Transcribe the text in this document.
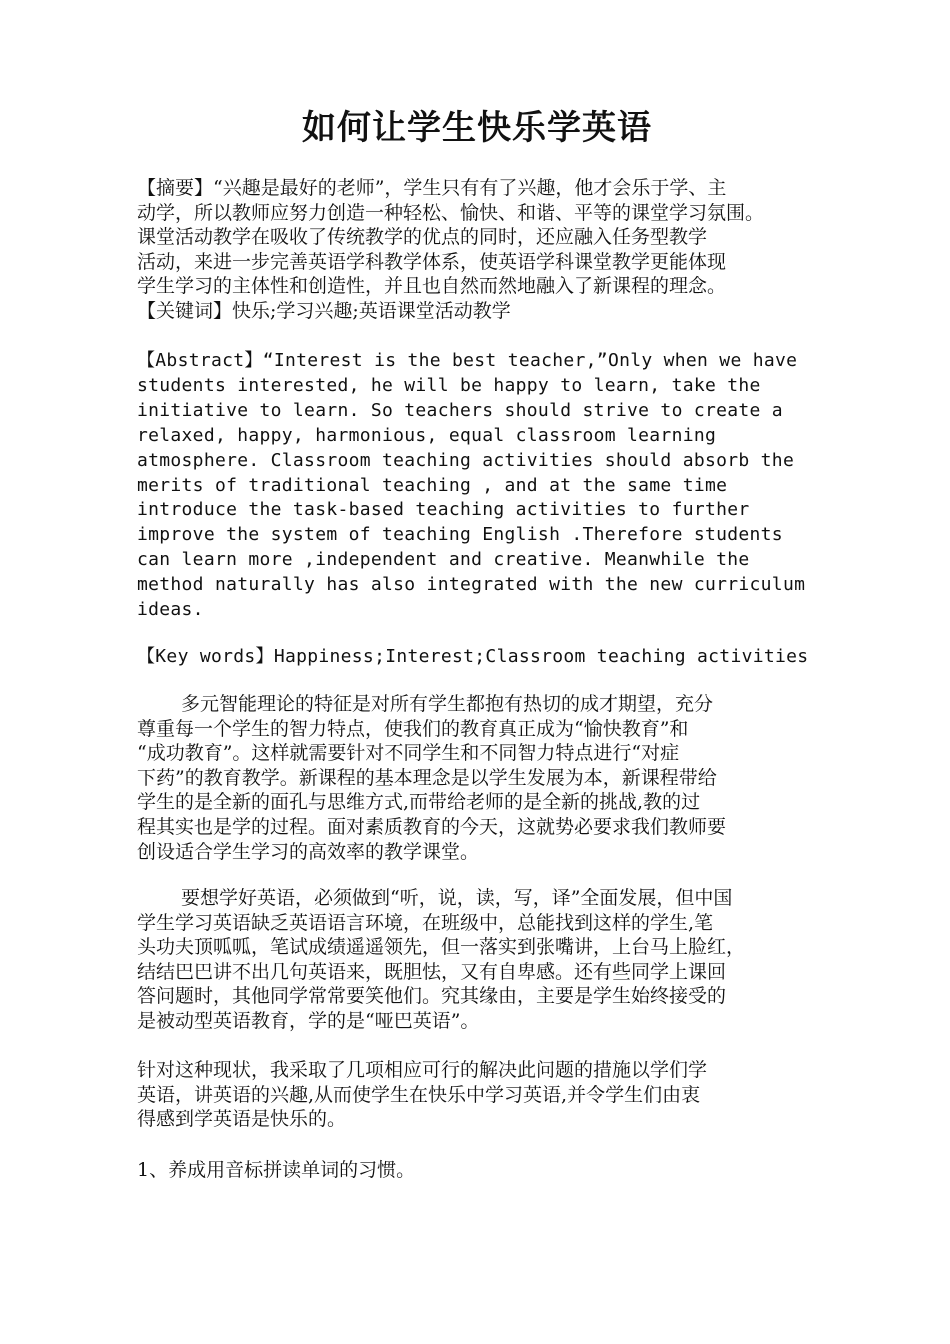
如何让学生快乐学英语
【摘要】“兴趣是最好的老师”，学生只有有了兴趣，他才会乐于学、主
动学，所以教师应努力创造一种轻松、愉快、和谐、平等的课堂学习氛围。
课堂活动教学在吸收了传统教学的优点的同时，还应融入任务型教学
活动，来进一步完善英语学科教学体系，使英语学科课堂教学更能体现
学生学习的主体性和创造性，并且也自然而然地融入了新课程的理念。
【关键词】快乐;学习兴趣;英语课堂活动教学
【Abstract】“Interest is the best teacher,”Only when we have
students interested, he will be happy to learn, take the
initiative to learn. So teachers should strive to create a
relaxed, happy, harmonious, equal classroom learning
atmosphere. Classroom teaching activities should absorb the
merits of traditional teaching , and at the same time
introduce the task-based teaching activities to further
improve the system of teaching English .Therefore students
can learn more ,independent and creative. Meanwhile the
method naturally has also integrated with the new curriculum
ideas.
【Key words】Happiness;Interest;Classroom teaching activities
多元智能理论的特征是对所有学生都抱有热切的成才期望，充分
尊重每一个学生的智力特点，使我们的教育真正成为“愉快教育”和
“成功教育”。这样就需要针对不同学生和不同智力特点进行“对症
下药”的教育教学。新课程的基本理念是以学生发展为本，新课程带给
学生的是全新的面孔与思维方式,而带给老师的是全新的挑战,教的过
程其实也是学的过程。面对素质教育的今天，这就势必要求我们教师要
创设适合学生学习的高效率的教学课堂。
要想学好英语，必须做到“听，说，读，写，译”全面发展，但中国
学生学习英语缺乏英语语言环境，在班级中，总能找到这样的学生,笔
头功夫顶呱呱，笔试成绩遥遥领先，但一落实到张嘴讲，上台马上脸红，
结结巴巴讲不出几句英语来，既胆怯，又有自卑感。还有些同学上课回
答问题时，其他同学常常要笑他们。究其缘由，主要是学生始终接受的
是被动型英语教育，学的是“哑巴英语”。
针对这种现状，我采取了几项相应可行的解决此问题的措施以学们学
英语，讲英语的兴趣,从而使学生在快乐中学习英语,并令学生们由衷
得感到学英语是快乐的。
1、养成用音标拼读单词的习惯。
